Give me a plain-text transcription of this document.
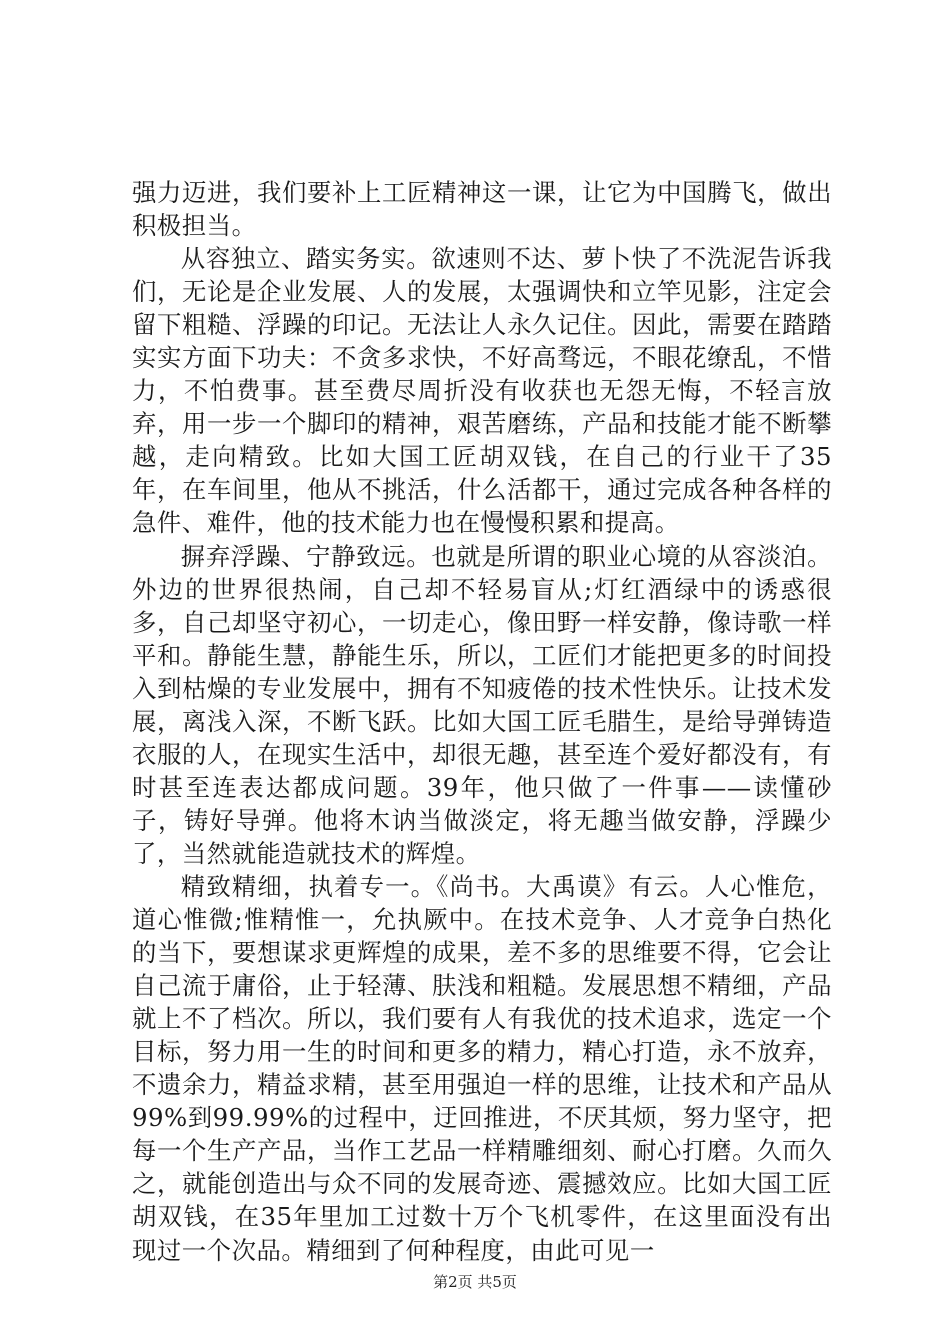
强力迈进，我们要补上工匠精神这一课，让它为中国腾飞，做出积极担当。

从容独立、踏实务实。欲速则不达、萝卜快了不洗泥告诉我们，无论是企业发展、人的发展，太强调快和立竿见影，注定会留下粗糙、浮躁的印记。无法让人永久记住。因此，需要在踏踏实实方面下功夫：不贪多求快，不好高骛远，不眼花缭乱，不惜力，不怕费事。甚至费尽周折没有收获也无怨无悔，不轻言放弃，用一步一个脚印的精神，艰苦磨练，产品和技能才能不断攀越，走向精致。比如大国工匠胡双钱，在自己的行业干了35年，在车间里，他从不挑活，什么活都干，通过完成各种各样的急件、难件，他的技术能力也在慢慢积累和提高。

摒弃浮躁、宁静致远。也就是所谓的职业心境的从容淡泊。外边的世界很热闹，自己却不轻易盲从;灯红酒绿中的诱惑很多，自己却坚守初心，一切走心，像田野一样安静，像诗歌一样平和。静能生慧，静能生乐，所以，工匠们才能把更多的时间投入到枯燥的专业发展中，拥有不知疲倦的技术性快乐。让技术发展，离浅入深，不断飞跃。比如大国工匠毛腊生，是给导弹铸造衣服的人，在现实生活中，却很无趣，甚至连个爱好都没有，有时甚至连表达都成问题。39年，他只做了一件事——读懂砂子，铸好导弹。他将木讷当做淡定，将无趣当做安静，浮躁少了，当然就能造就技术的辉煌。

精致精细，执着专一。《尚书。大禹谟》有云。人心惟危，道心惟微;惟精惟一，允执厥中。在技术竞争、人才竞争白热化的当下，要想谋求更辉煌的成果，差不多的思维要不得，它会让自己流于庸俗，止于轻薄、肤浅和粗糙。发展思想不精细，产品就上不了档次。所以，我们要有人有我优的技术追求，选定一个目标，努力用一生的时间和更多的精力，精心打造，永不放弃，不遗余力，精益求精，甚至用强迫一样的思维，让技术和产品从99%到99.99%的过程中，迂回推进，不厌其烦，努力坚守，把每一个生产产品，当作工艺品一样精雕细刻、耐心打磨。久而久之，就能创造出与众不同的发展奇迹、震撼效应。比如大国工匠胡双钱，在35年里加工过数十万个飞机零件，在这里面没有出现过一个次品。精细到了何种程度，由此可见一

第2页 共5页
